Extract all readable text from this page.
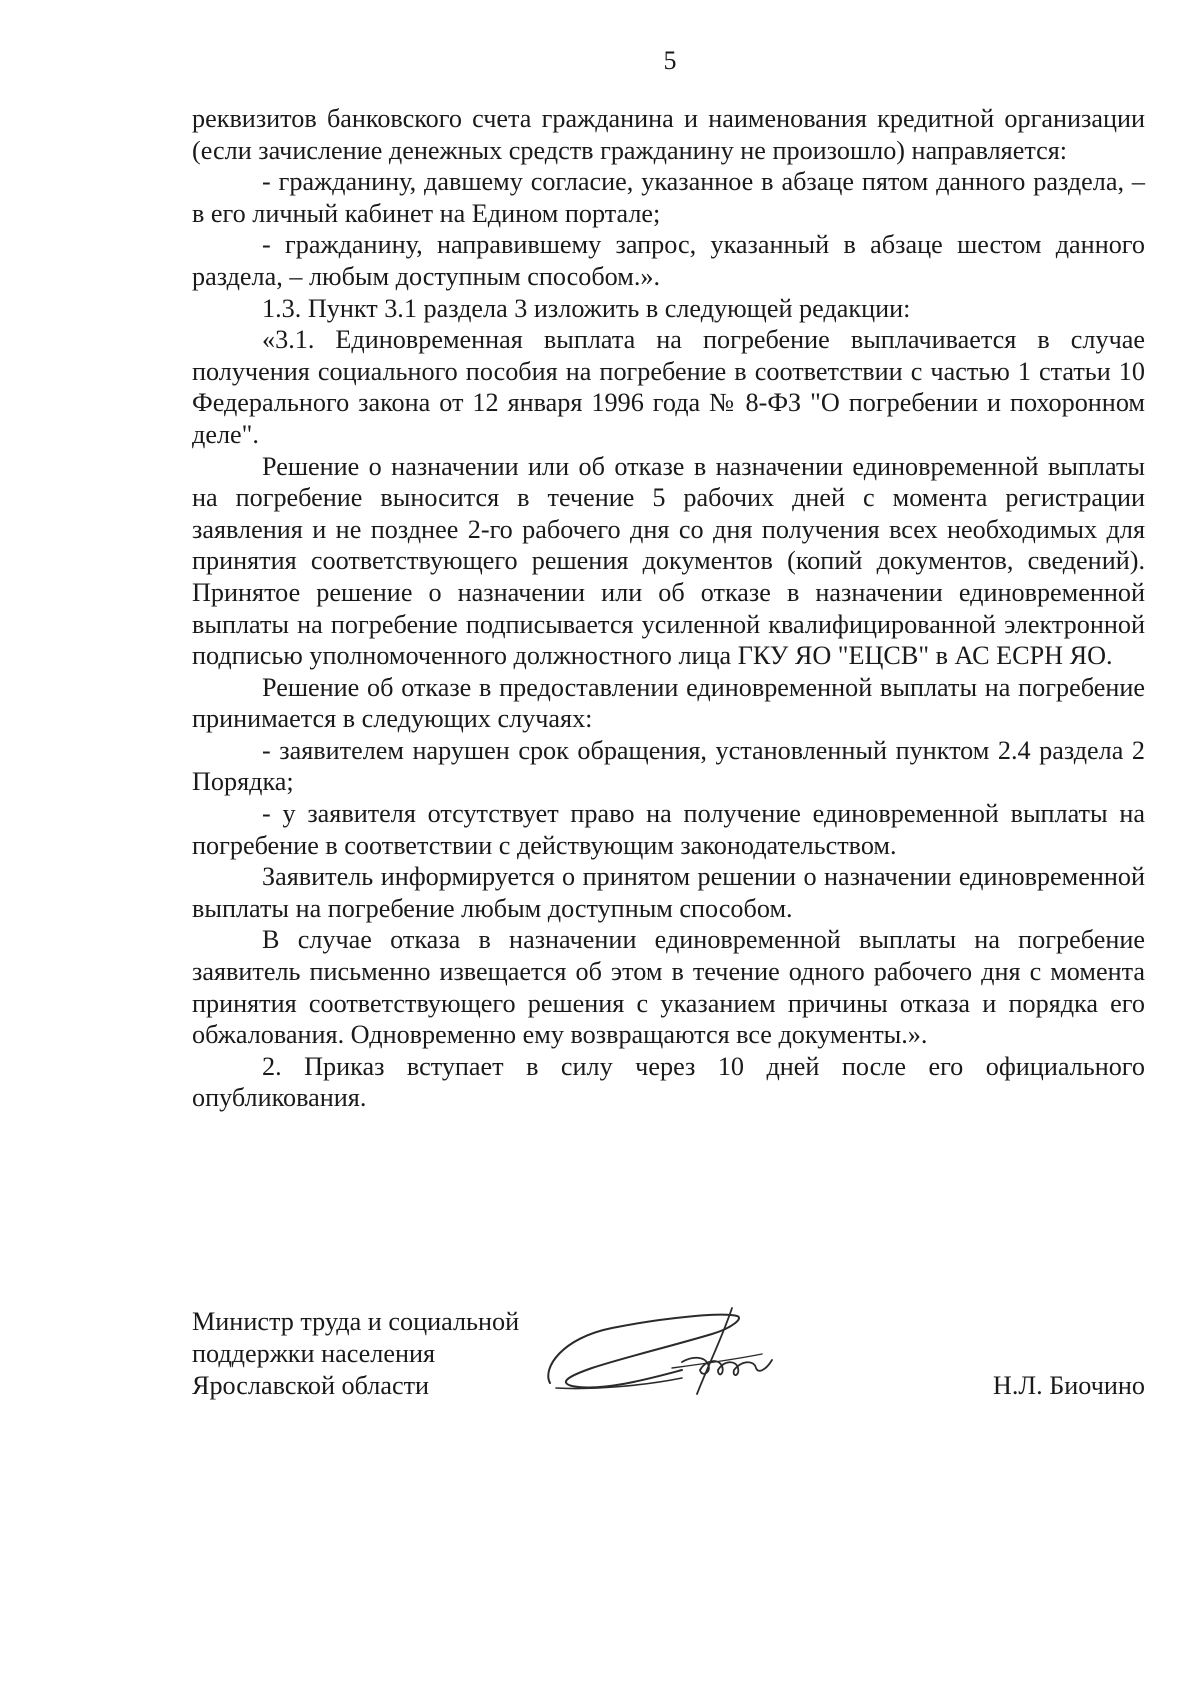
5

реквизитов банковского счета гражданина и наименования кредитной организации (если зачисление денежных средств гражданину не произошло) направляется:

- гражданину, давшему согласие, указанное в абзаце пятом данного раздела, – в его личный кабинет на Едином портале;

- гражданину, направившему запрос, указанный в абзаце шестом данного раздела, – любым доступным способом.».

1.3. Пункт 3.1 раздела 3 изложить в следующей редакции:

«3.1. Единовременная выплата на погребение выплачивается в случае получения социального пособия на погребение в соответствии с частью 1 статьи 10 Федерального закона от 12 января 1996 года № 8-ФЗ "О погребении и похоронном деле".

Решение о назначении или об отказе в назначении единовременной выплаты на погребение выносится в течение 5 рабочих дней с момента регистрации заявления и не позднее 2-го рабочего дня со дня получения всех необходимых для принятия соответствующего решения документов (копий документов, сведений). Принятое решение о назначении или об отказе в назначении единовременной выплаты на погребение подписывается усиленной квалифицированной электронной подписью уполномоченного должностного лица ГКУ ЯО "ЕЦСВ" в АС ЕСРН ЯО.

Решение об отказе в предоставлении единовременной выплаты на погребение принимается в следующих случаях:

- заявителем нарушен срок обращения, установленный пунктом 2.4 раздела 2 Порядка;

- у заявителя отсутствует право на получение единовременной выплаты на погребение в соответствии с действующим законодательством.

Заявитель информируется о принятом решении о назначении единовременной выплаты на погребение любым доступным способом.

В случае отказа в назначении единовременной выплаты на погребение заявитель письменно извещается об этом в течение одного рабочего дня с момента принятия соответствующего решения с указанием причины отказа и порядка его обжалования. Одновременно ему возвращаются все документы.».

2. Приказ вступает в силу через 10 дней после его официального опубликования.

Министр труда и социальной
поддержки населения
Ярославской области	Н.Л. Биочино
